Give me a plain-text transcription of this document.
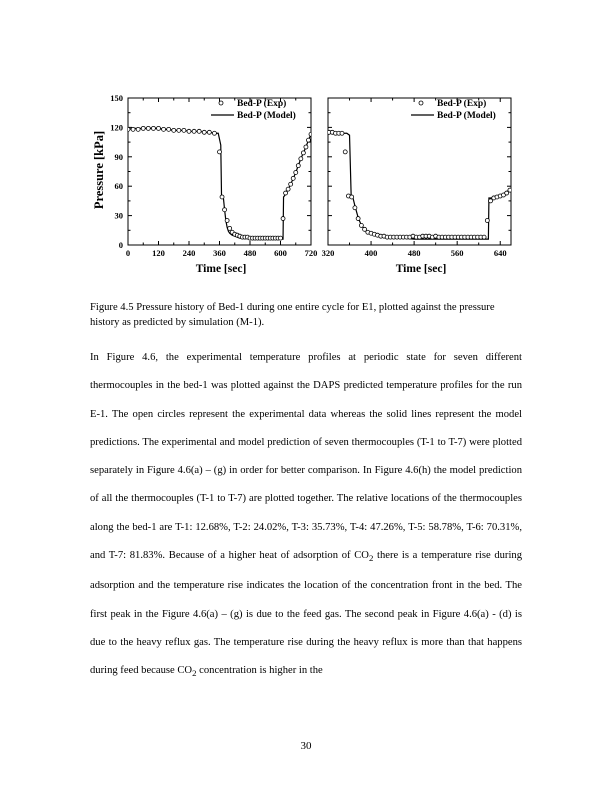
Pressure [kPa]
0	120 240 360 480 600 720
0
30
60
90
120
150
Bed-P (Exp)
Bed-P (Model)
Time [sec]
320	400	480	560	640
Bed-P (Exp)
Bed-P (Model)
Time [sec]

Figure 4.5 Pressure history of Bed-1 during one entire cycle for E1, plotted against the pressure history as predicted by simulation (M-1).

In Figure 4.6, the experimental temperature profiles at periodic state for seven different thermocouples in the bed-1 was plotted against the DAPS predicted temperature profiles for the run E-1. The open circles represent the experimental data whereas the solid lines represent the model predictions. The experimental and model prediction of seven thermocouples (T-1 to T-7) were plotted separately in Figure 4.6(a) – (g) in order for better comparison. In Figure 4.6(h) the model prediction of all the thermocouples (T-1 to T-7) are plotted together. The relative locations of the thermocouples along the bed-1 are T-1: 12.68%, T-2: 24.02%, T-3: 35.73%, T-4: 47.26%, T-5: 58.78%, T-6: 70.31%, and T-7: 81.83%. Because of a higher heat of adsorption of $CO_2$ there is a temperature rise during adsorption and the temperature rise indicates the location of the concentration front in the bed. The first peak in the Figure 4.6(a) – (g) is due to the feed gas. The second peak in Figure 4.6(a) - (d) is due to the heavy reflux gas. The temperature rise during the heavy reflux is more than that happens during feed because $CO_2$ concentration is higher in the

30
